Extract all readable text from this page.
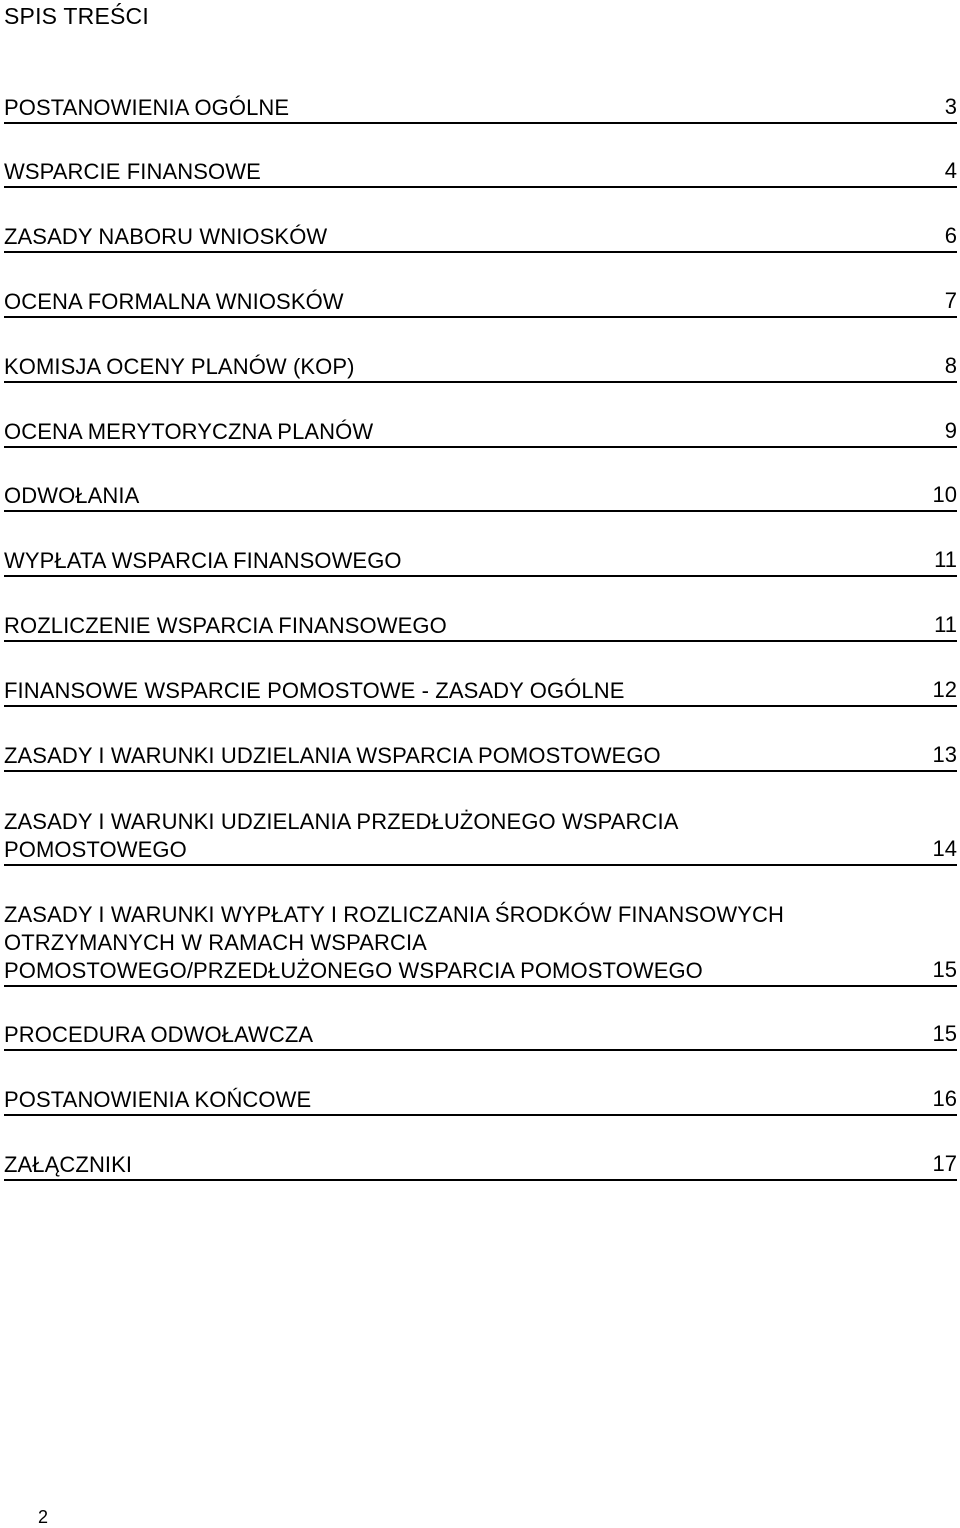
SPIS TREŚCI
POSTANOWIENIA OGÓLNE	3
WSPARCIE FINANSOWE	4
ZASADY NABORU WNIOSKÓW	6
OCENA FORMALNA WNIOSKÓW	7
KOMISJA OCENY PLANÓW (KOP)	8
OCENA MERYTORYCZNA PLANÓW	9
ODWOŁANIA	10
WYPŁATA WSPARCIA FINANSOWEGO	11
ROZLICZENIE WSPARCIA FINANSOWEGO	11
FINANSOWE WSPARCIE POMOSTOWE - ZASADY OGÓLNE	12
ZASADY I WARUNKI UDZIELANIA WSPARCIA POMOSTOWEGO	13
ZASADY I WARUNKI UDZIELANIA PRZEDŁUŻONEGO WSPARCIA
POMOSTOWEGO	14
ZASADY I WARUNKI WYPŁATY I ROZLICZANIA ŚRODKÓW FINANSOWYCH
OTRZYMANYCH W RAMACH WSPARCIA
POMOSTOWEGO/PRZEDŁUŻONEGO WSPARCIA POMOSTOWEGO	15
PROCEDURA ODWOŁAWCZA	15
POSTANOWIENIA KOŃCOWE	16
ZAŁĄCZNIKI	17
2
